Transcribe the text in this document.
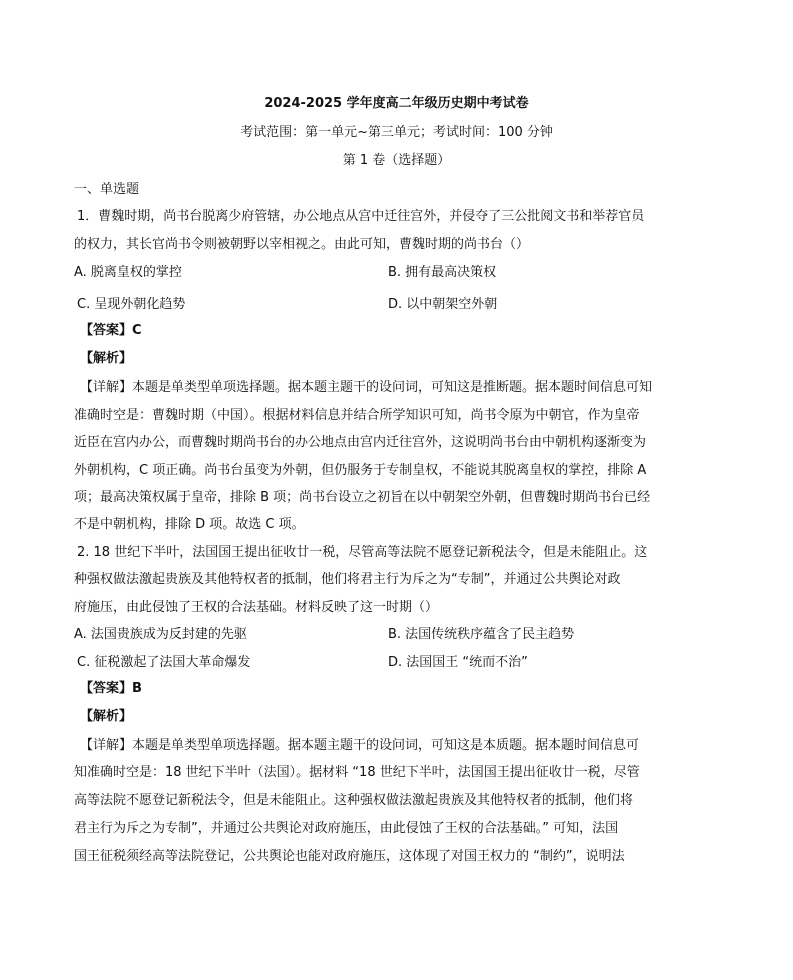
2024-2025 学年度高二年级历史期中考试卷
考试范围：第一单元~第三单元；考试时间：100 分钟
第 1 卷（选择题）
一、单选题
1．曹魏时期，尚书台脱离少府管辖，办公地点从宫中迁往宫外，并侵夺了三公批阅文书和举荐官员
的权力，其长官尚书令则被朝野以宰相视之。由此可知，曹魏时期的尚书台（）
A. 脱离皇权的掌控	B. 拥有最高决策权
C. 呈现外朝化趋势	D. 以中朝架空外朝
【答案】C
【解析】
【详解】本题是单类型单项选择题。据本题主题干的设问词，可知这是推断题。据本题时间信息可知
准确时空是：曹魏时期（中国）。根据材料信息并结合所学知识可知，尚书令原为中朝官，作为皇帝
近臣在宫内办公，而曹魏时期尚书台的办公地点由宫内迁往宫外，这说明尚书台由中朝机构逐渐变为
外朝机构，C 项正确。尚书台虽变为外朝，但仍服务于专制皇权，不能说其脱离皇权的掌控，排除 A
项；最高决策权属于皇帝，排除 B 项；尚书台设立之初旨在以中朝架空外朝，但曹魏时期尚书台已经
不是中朝机构，排除 D 项。故选 C 项。
2. 18 世纪下半叶，法国国王提出征收廿一税，尽管高等法院不愿登记新税法令，但是未能阻止。这
种强权做法激起贵族及其他特权者的抵制，他们将君主行为斥之为“专制”，并通过公共舆论对政
府施压，由此侵蚀了王权的合法基础。材料反映了这一时期（）
A. 法国贵族成为反封建的先驱	B. 法国传统秩序蕴含了民主趋势
C. 征税激起了法国大革命爆发	D. 法国国王 “统而不治”
【答案】B
【解析】
【详解】本题是单类型单项选择题。据本题主题干的设问词，可知这是本质题。据本题时间信息可
知准确时空是：18 世纪下半叶（法国）。据材料 “18 世纪下半叶，法国国王提出征收廿一税，尽管
高等法院不愿登记新税法令，但是未能阻止。这种强权做法激起贵族及其他特权者的抵制，他们将
君主行为斥之为专制”，并通过公共舆论对政府施压，由此侵蚀了王权的合法基础。” 可知，法国
国王征税须经高等法院登记，公共舆论也能对政府施压，这体现了对国王权力的 “制约”，说明法
